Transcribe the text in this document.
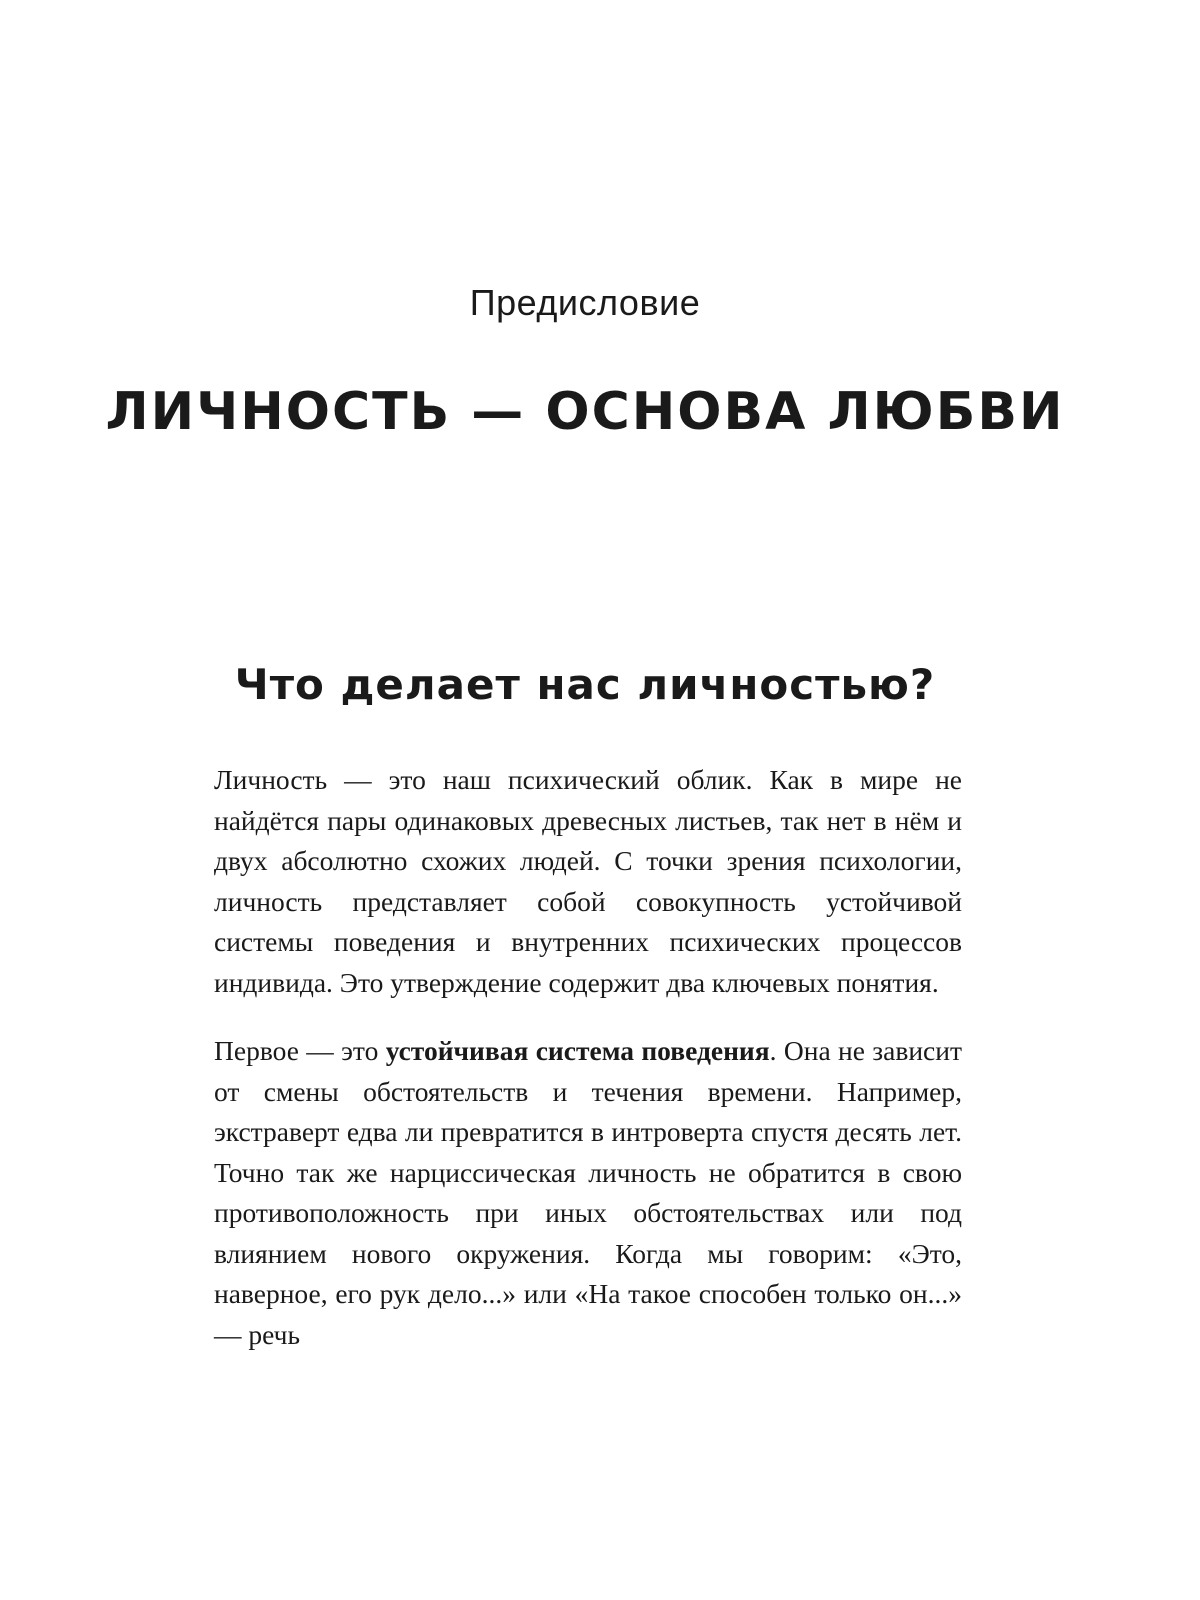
Предисловие
ЛИЧНОСТЬ — ОСНОВА ЛЮБВИ
Что делает нас личностью?

Личность — это наш психический облик. Как в мире не найдётся пары одинаковых древесных листьев, так нет в нём и двух абсолютно схожих людей. С точки зрения психологии, личность представляет собой совокупность устойчивой системы поведения и внутренних психических процессов индивида. Это утверждение содержит два ключевых понятия.

Первое — это устойчивая система поведения. Она не зависит от смены обстоятельств и течения времени. Например, экстраверт едва ли превратится в интроверта спустя десять лет. Точно так же нарциссическая личность не обратится в свою противоположность при иных обстоятельствах или под влиянием нового окружения. Когда мы говорим: «Это, наверное, его рук дело...» или «На такое способен только он...» — речь
